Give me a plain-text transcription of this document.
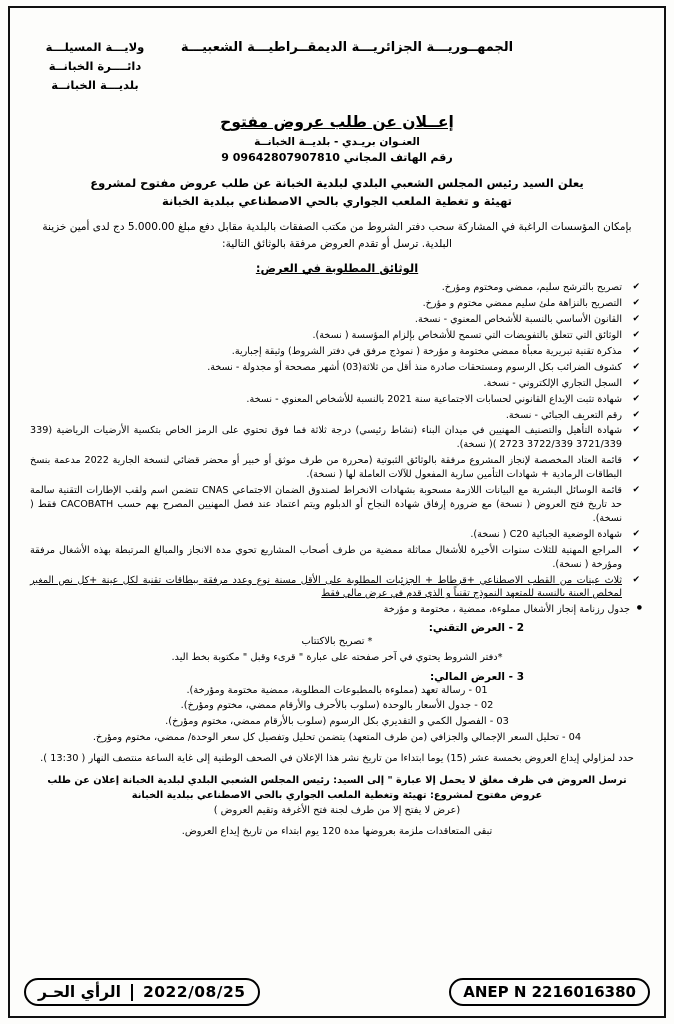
ولايـــة المسيلـــة
دائــــرة الخبانــة
بلديـــة الخبانــة
الجمهــوريـــة الجزائريـــة الديمقــراطيـــة الشعبيـــة
إعــلان عن طلب عروض مفتوح
العنـوان بريـدي - بلديــة الخبانــة
رقم الهاتف المجاني 09642807907810 9
يعلن السيد رئيس المجلس الشعبي البلدي لبلدية الخبانة عن طلب عروض مفتوح لمشروع
تهيئة و تغطية الملعب الجواري بالحي الاصطناعي ببلدية الخبانة
بإمكان المؤسسات الراغبة في المشاركة سحب دفتر الشروط من مكتب الصفقات بالبلدية مقابل دفع مبلغ 5.000.00 دج لدى أمين خزينة البلدية. ترسل أو تقدم العروض مرفقة بالوثائق التالية:
الوثائق المطلوبة في العرض:
✔ تصريح بالترشح سليم، ممضي ومختوم ومؤرخ.
✔ التصريح بالنزاهة ملئ سليم ممضي مختوم و مؤرخ.
✔ القانون الأساسي بالنسبة للأشخاص المعنوي - نسخة.
✔ الوثائق التي تتعلق بالتفويضات التي تسمح للأشخاص بإلزام المؤسسة ( نسخة).
✔ مذكرة تقنية تبريرية معبأة ممضي مختومة و مؤرخة ( نموذج مرفق في دفتر الشروط) وثيقة إجبارية.
✔ كشوف الضرائب بكل الرسوم ومستحقات صادرة منذ أقل من ثلاثة(03) أشهر مصححة أو مجدولة - نسخة.
✔ السجل التجاري الإلكتروني - نسخة.
✔ شهادة تثبت الإيداع القانوني لحسابات الاجتماعية سنة 2021 بالنسبة للأشخاص المعنوي - نسخة.
✔ رقم التعريف الجبائي - نسخة.
✔ شهادة التأهيل والتصنيف المهنيين في ميدان البناء (نشاط رئيسي) درجة ثلاثة فما فوق تحتوي على الرمز الخاص بتكسية الأرضيات الرياضية (339 3721/339 3722/339 2723 )( نسخة).
✔ قائمة العتاد المخصصة لإنجاز المشروع مرفقة بالوثائق الثبوتية (محررة من طرف موثق أو خبير أو محضر قضائي لنسخة الجارية 2022 مدعمة بنسخ البطاقات الرمادية + شهادات التأمين سارية المفعول للآلات العاملة لها ( نسخة).
✔ قائمة الوسائل البشرية مع البيانات اللازمة مسحوبة بشهادات الانخراط لصندوق الضمان الاجتماعي CNAS تتضمن اسم ولقب الإطارات التقنية سالمة حد تاريخ فتح العروض ( نسخة) مع ضرورة إرفاق شهادة النجاح أو الدبلوم ويتم اعتماد عند فصل المهنيين المصرح بهم حسب CACOBATH فقط ( نسخة).
✔ شهادة الوضعية الجبائية C20 ( نسخة).
✔ المراجع المهنية للثلاث سنوات الأخيرة للأشغال مماثلة ممضية من طرف أصحاب المشاريع تحوي مدة الانجاز والمبالغ المرتبطة بهذه الأشغال مرفقة ومؤرخة ( نسخة).
✔ ثلاث عينات من القطب الاصطناعي +قرطاط + الجزئيات المطلوبة على الأقل مسنة نوع وعدد مرفقة ببطاقات تقنية لكل عينة +كل نص المغير لمخلص العينة بالنسبة للمتعهد النموذج تقنياً و الذي قدم في عرض مالي فقط
● جدول رزنامة إنجاز الأشغال مملوءة، ممضية ، مختومة و مؤرخة
2 - العرض التقني:
* تصريح بالاكتتاب
*دفتر الشروط يحتوي في آخر صفحته على عبارة " قرىء وقبل " مكتوبة بخط اليد.
3 - العرض المالي:
01 - رسالة تعهد (مملوءة بالمطبوعات المطلوبة، ممضية مختومة ومؤرخة).
02 - جدول الأسعار بالوحدة (سلوب بالأحرف والأرقام ممضي، مختوم ومؤرخ).
03 - الفصول الكمي و التقديري بكل الرسوم (سلوب بالأرقام ممضي، مختوم ومؤرخ).
04 - تحليل السعر الإجمالي والجزافي (من طرف المتعهد) يتضمن تحليل وتفصيل كل سعر الوحدة/ ممضي، مختوم ومؤرخ.
حدد لمزاولي إيداع العروض بخمسة عشر (15) يوما ابتداءا من تاريخ نشر هذا الإعلان في الصحف الوطنية إلى غاية الساعة منتصف النهار ( 13:30 ).
ترسل العروض في ظرف مغلق لا يحمل إلا عبارة " إلى السيد: رئيس المجلس الشعبي البلدي لبلدية الخبانة إعلان عن طلب عروض مفتوح لمشروع: تهيئة وتغطية الملعب الجواري بالحي الاصطناعي ببلدية الخبانة
(عرض لا يفتح إلا من طرف لجنة فتح الأغرفة وتقيم العروض )
تبقى المتعاقدات ملزمة بعروضها مدة 120 يوم ابتداء من تاريخ إيداع العروض.
2022/08/25
الرأي الحـر	ANEP N 2216016380
